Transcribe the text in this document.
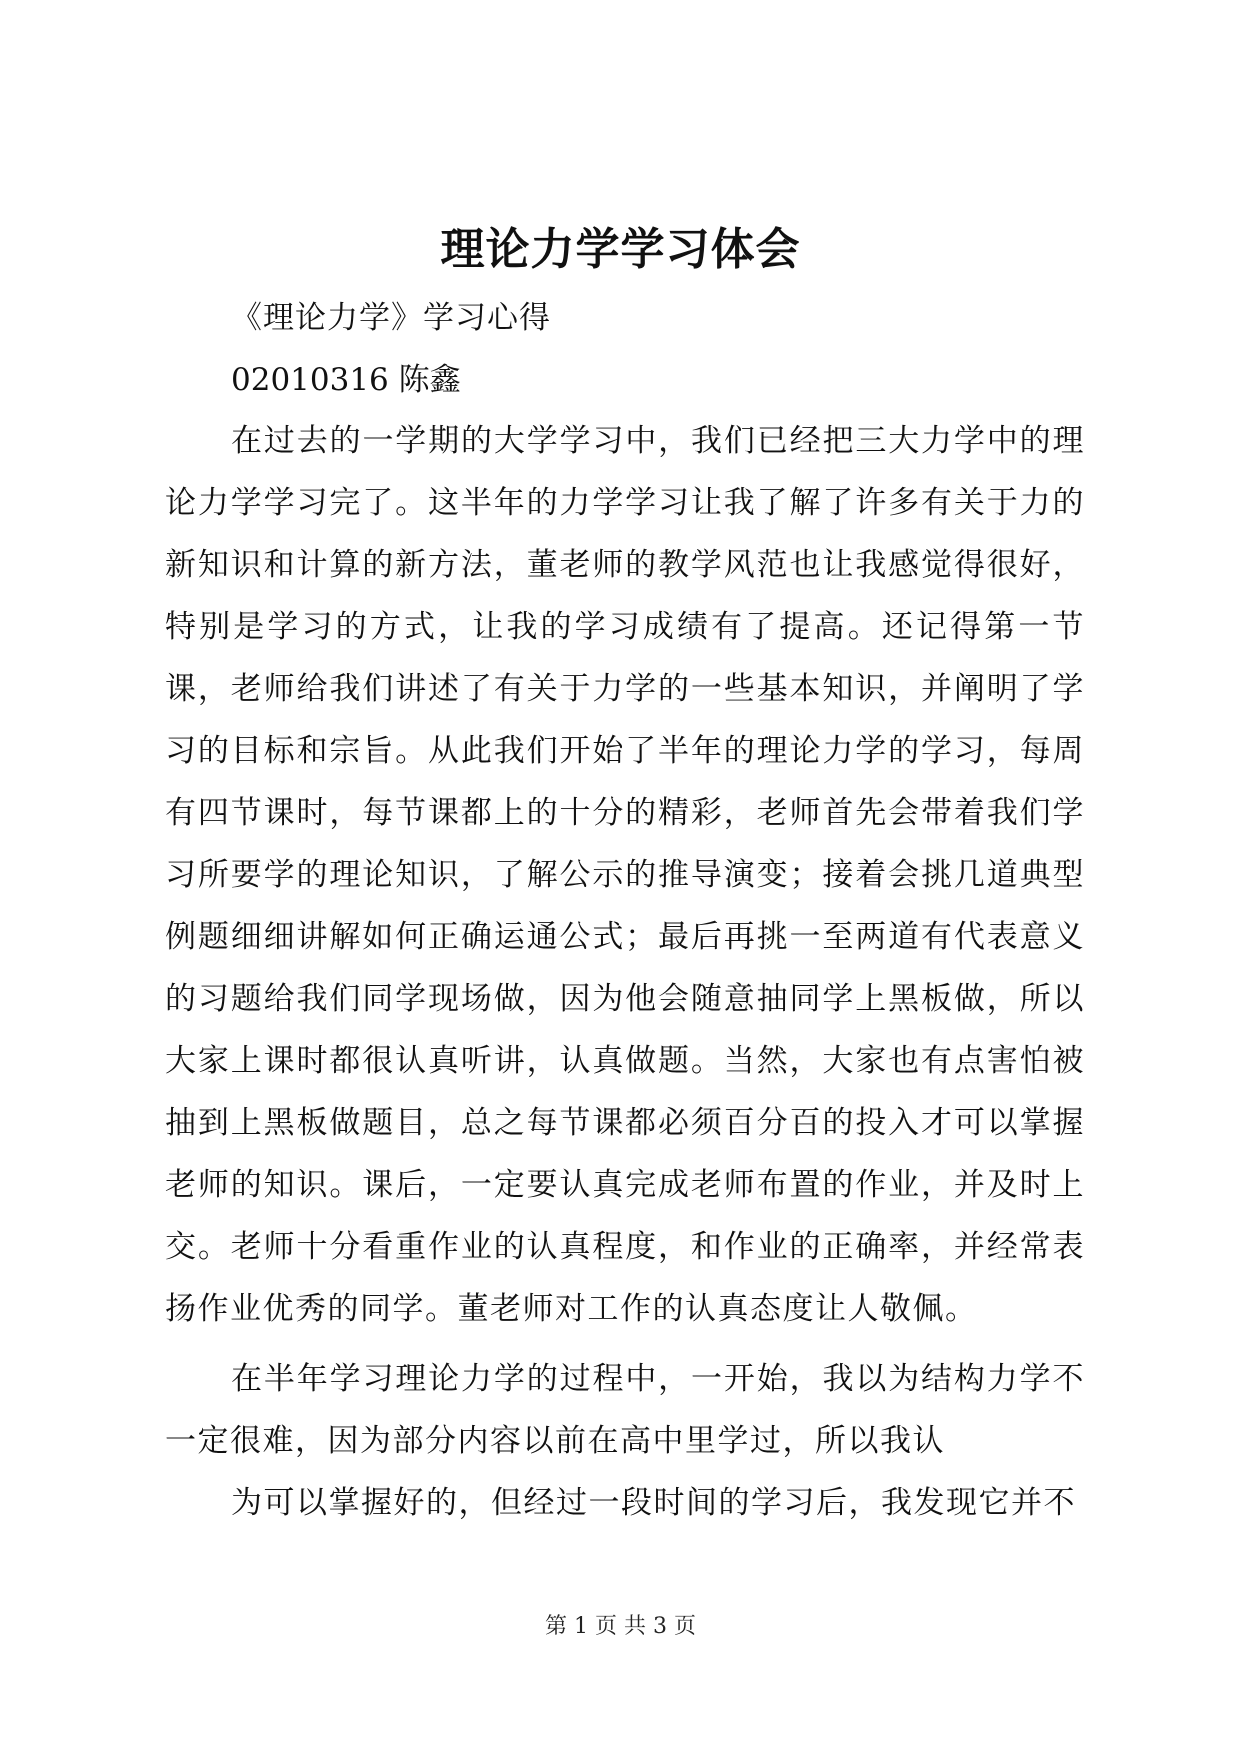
理论力学学习体会
《理论力学》学习心得
02010316 陈鑫

在过去的一学期的大学学习中，我们已经把三大力学中的理论力学学习完了。这半年的力学学习让我了解了许多有关于力的新知识和计算的新方法，董老师的教学风范也让我感觉得很好，特别是学习的方式，让我的学习成绩有了提高。还记得第一节课，老师给我们讲述了有关于力学的一些基本知识，并阐明了学习的目标和宗旨。从此我们开始了半年的理论力学的学习，每周有四节课时，每节课都上的十分的精彩，老师首先会带着我们学习所要学的理论知识，了解公示的推导演变；接着会挑几道典型例题细细讲解如何正确运通公式；最后再挑一至两道有代表意义的习题给我们同学现场做，因为他会随意抽同学上黑板做，所以大家上课时都很认真听讲，认真做题。当然，大家也有点害怕被抽到上黑板做题目，总之每节课都必须百分百的投入才可以掌握老师的知识。课后，一定要认真完成老师布置的作业，并及时上交。老师十分看重作业的认真程度，和作业的正确率，并经常表扬作业优秀的同学。董老师对工作的认真态度让人敬佩。

在半年学习理论力学的过程中，一开始，我以为结构力学不一定很难，因为部分内容以前在高中里学过，所以我认

为可以掌握好的，但经过一段时间的学习后，我发现它并不

第 1 页 共 3 页
